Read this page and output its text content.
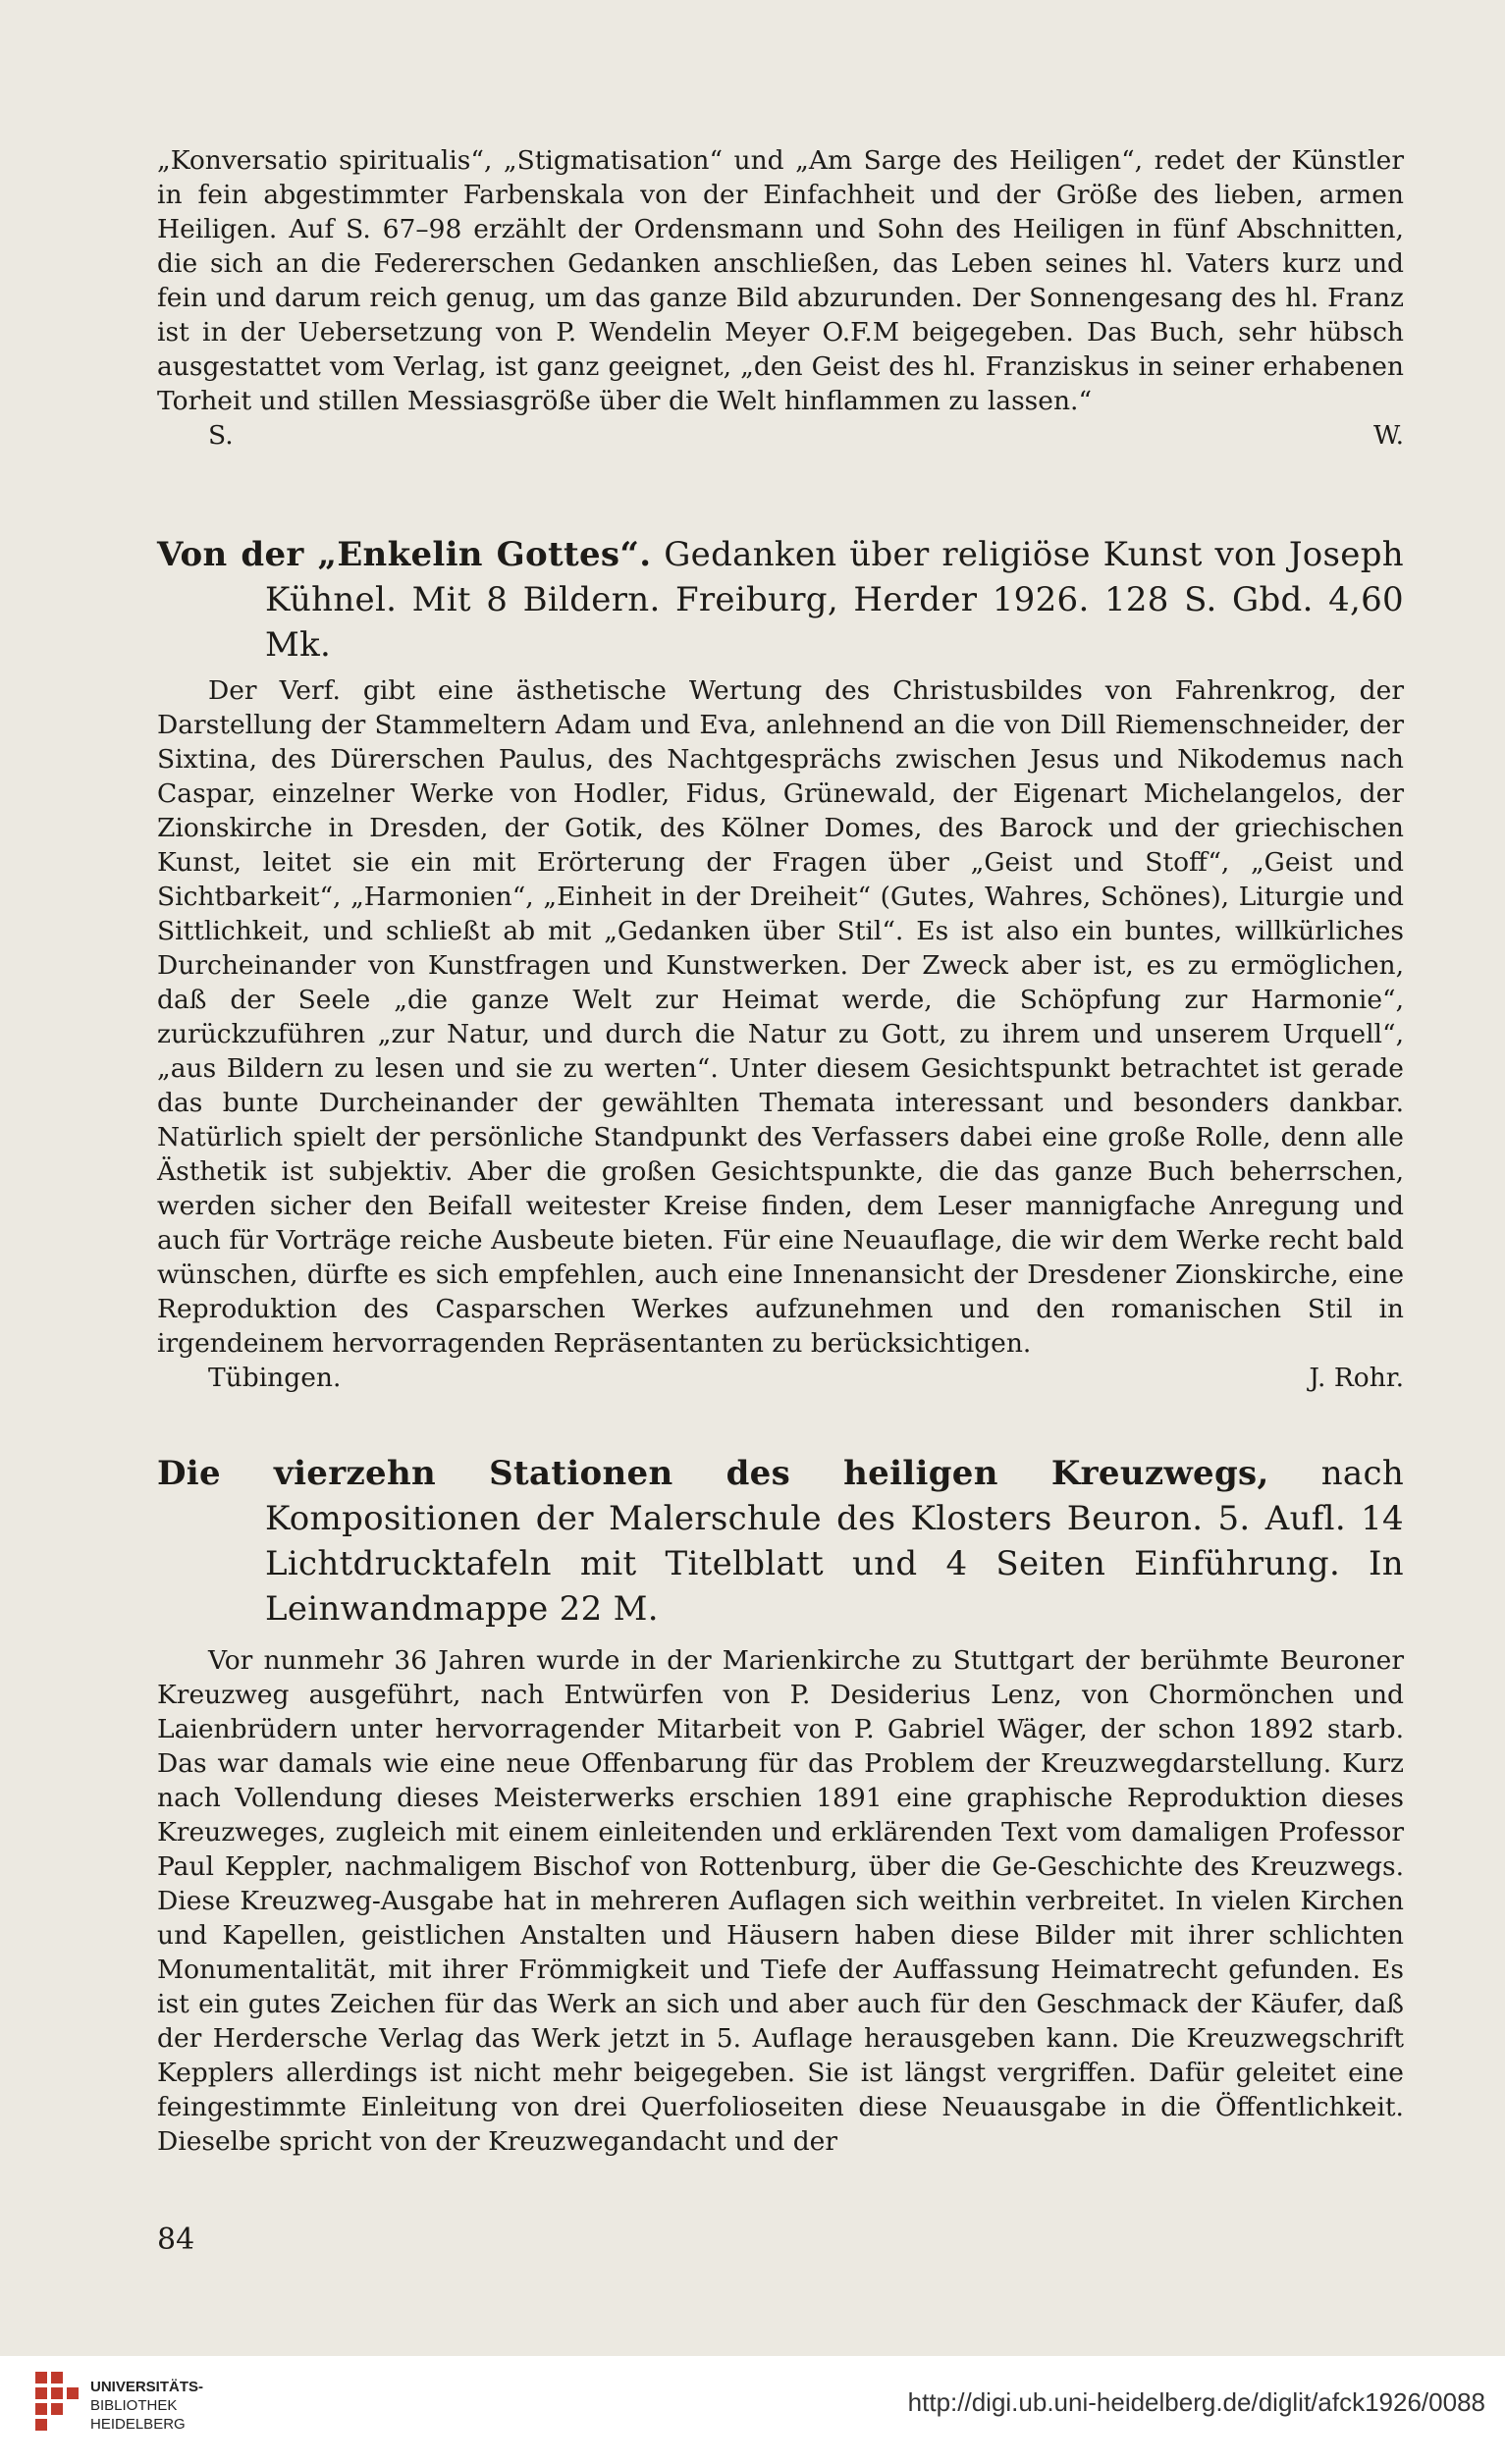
„Konversatio spiritualis“, „Stigmatisation“ und „Am Sarge des Heiligen“, redet der Künstler in fein abgestimmter Farbenskala von der Einfachheit und der Größe des lieben, armen Heiligen. Auf S. 67–98 erzählt der Ordensmann und Sohn des Heiligen in fünf Abschnitten, die sich an die Federerschen Gedanken anschließen, das Leben seines hl. Vaters kurz und fein und darum reich genug, um das ganze Bild abzurunden. Der Sonnengesang des hl. Franz ist in der Uebersetzung von P. Wendelin Meyer O.F.M beigegeben. Das Buch, sehr hübsch ausgestattet vom Verlag, ist ganz geeignet, „den Geist des hl. Franziskus in seiner erhabenen Torheit und stillen Messiasgröße über die Welt hinflammen zu lassen.“

S.	W.
Von der „Enkelin Gottes“. Gedanken über religiöse Kunst von Joseph Kühnel. Mit 8 Bildern. Freiburg, Herder 1926. 128 S. Gbd. 4,60 Mk.

Der Verf. gibt eine ästhetische Wertung des Christusbildes von Fahrenkrog, der Darstellung der Stammeltern Adam und Eva, anlehnend an die von Dill Riemenschneider, der Sixtina, des Dürerschen Paulus, des Nachtgesprächs zwischen Jesus und Nikodemus nach Caspar, einzelner Werke von Hodler, Fidus, Grünewald, der Eigenart Michelangelos, der Zionskirche in Dresden, der Gotik, des Kölner Domes, des Barock und der griechischen Kunst, leitet sie ein mit Erörterung der Fragen über „Geist und Stoff“, „Geist und Sichtbarkeit“, „Harmonien“, „Einheit in der Dreiheit“ (Gutes, Wahres, Schönes), Liturgie und Sittlichkeit, und schließt ab mit „Gedanken über Stil“. Es ist also ein buntes, willkürliches Durcheinander von Kunstfragen und Kunstwerken. Der Zweck aber ist, es zu ermöglichen, daß der Seele „die ganze Welt zur Heimat werde, die Schöpfung zur Harmonie“, zurückzuführen „zur Natur, und durch die Natur zu Gott, zu ihrem und unserem Urquell“, „aus Bildern zu lesen und sie zu werten“. Unter diesem Gesichtspunkt betrachtet ist gerade das bunte Durcheinander der gewählten Themata interessant und besonders dankbar. Natürlich spielt der persönliche Standpunkt des Verfassers dabei eine große Rolle, denn alle Ästhetik ist subjektiv. Aber die großen Gesichtspunkte, die das ganze Buch beherrschen, werden sicher den Beifall weitester Kreise finden, dem Leser mannigfache Anregung und auch für Vorträge reiche Ausbeute bieten. Für eine Neuauflage, die wir dem Werke recht bald wünschen, dürfte es sich empfehlen, auch eine Innenansicht der Dresdener Zionskirche, eine Reproduktion des Casparschen Werkes aufzunehmen und den romanischen Stil in irgendeinem hervorragenden Repräsentanten zu berücksichtigen.

Tübingen.	J. Rohr.
Die vierzehn Stationen des heiligen Kreuzwegs, nach Kompositionen der Malerschule des Klosters Beuron. 5. Aufl. 14 Lichtdrucktafeln mit Titelblatt und 4 Seiten Einführung. In Leinwandmappe 22 M.

Vor nunmehr 36 Jahren wurde in der Marienkirche zu Stuttgart der berühmte Beuroner Kreuzweg ausgeführt, nach Entwürfen von P. Desiderius Lenz, von Chormönchen und Laienbrüdern unter hervorragender Mitarbeit von P. Gabriel Wäger, der schon 1892 starb. Das war damals wie eine neue Offenbarung für das Problem der Kreuzwegdarstellung. Kurz nach Vollendung dieses Meisterwerks erschien 1891 eine graphische Reproduktion dieses Kreuzweges, zugleich mit einem einleitenden und erklärenden Text vom damaligen Professor Paul Keppler, nachmaligem Bischof von Rottenburg, über die Ge-Geschichte des Kreuzwegs. Diese Kreuzweg-Ausgabe hat in mehreren Auflagen sich weithin verbreitet. In vielen Kirchen und Kapellen, geistlichen Anstalten und Häusern haben diese Bilder mit ihrer schlichten Monumentalität, mit ihrer Frömmigkeit und Tiefe der Auffassung Heimatrecht gefunden. Es ist ein gutes Zeichen für das Werk an sich und aber auch für den Geschmack der Käufer, daß der Herdersche Verlag das Werk jetzt in 5. Auflage herausgeben kann. Die Kreuzwegschrift Kepplers allerdings ist nicht mehr beigegeben. Sie ist längst vergriffen. Dafür geleitet eine feingestimmte Einleitung von drei Querfolioseiten diese Neuausgabe in die Öffentlichkeit. Dieselbe spricht von der Kreuzwegandacht und der

84
UNIVERSITÄTS-
BIBLIOTHEK
HEIDELBERG
http://digi.ub.uni-heidelberg.de/diglit/afck1926/0088
